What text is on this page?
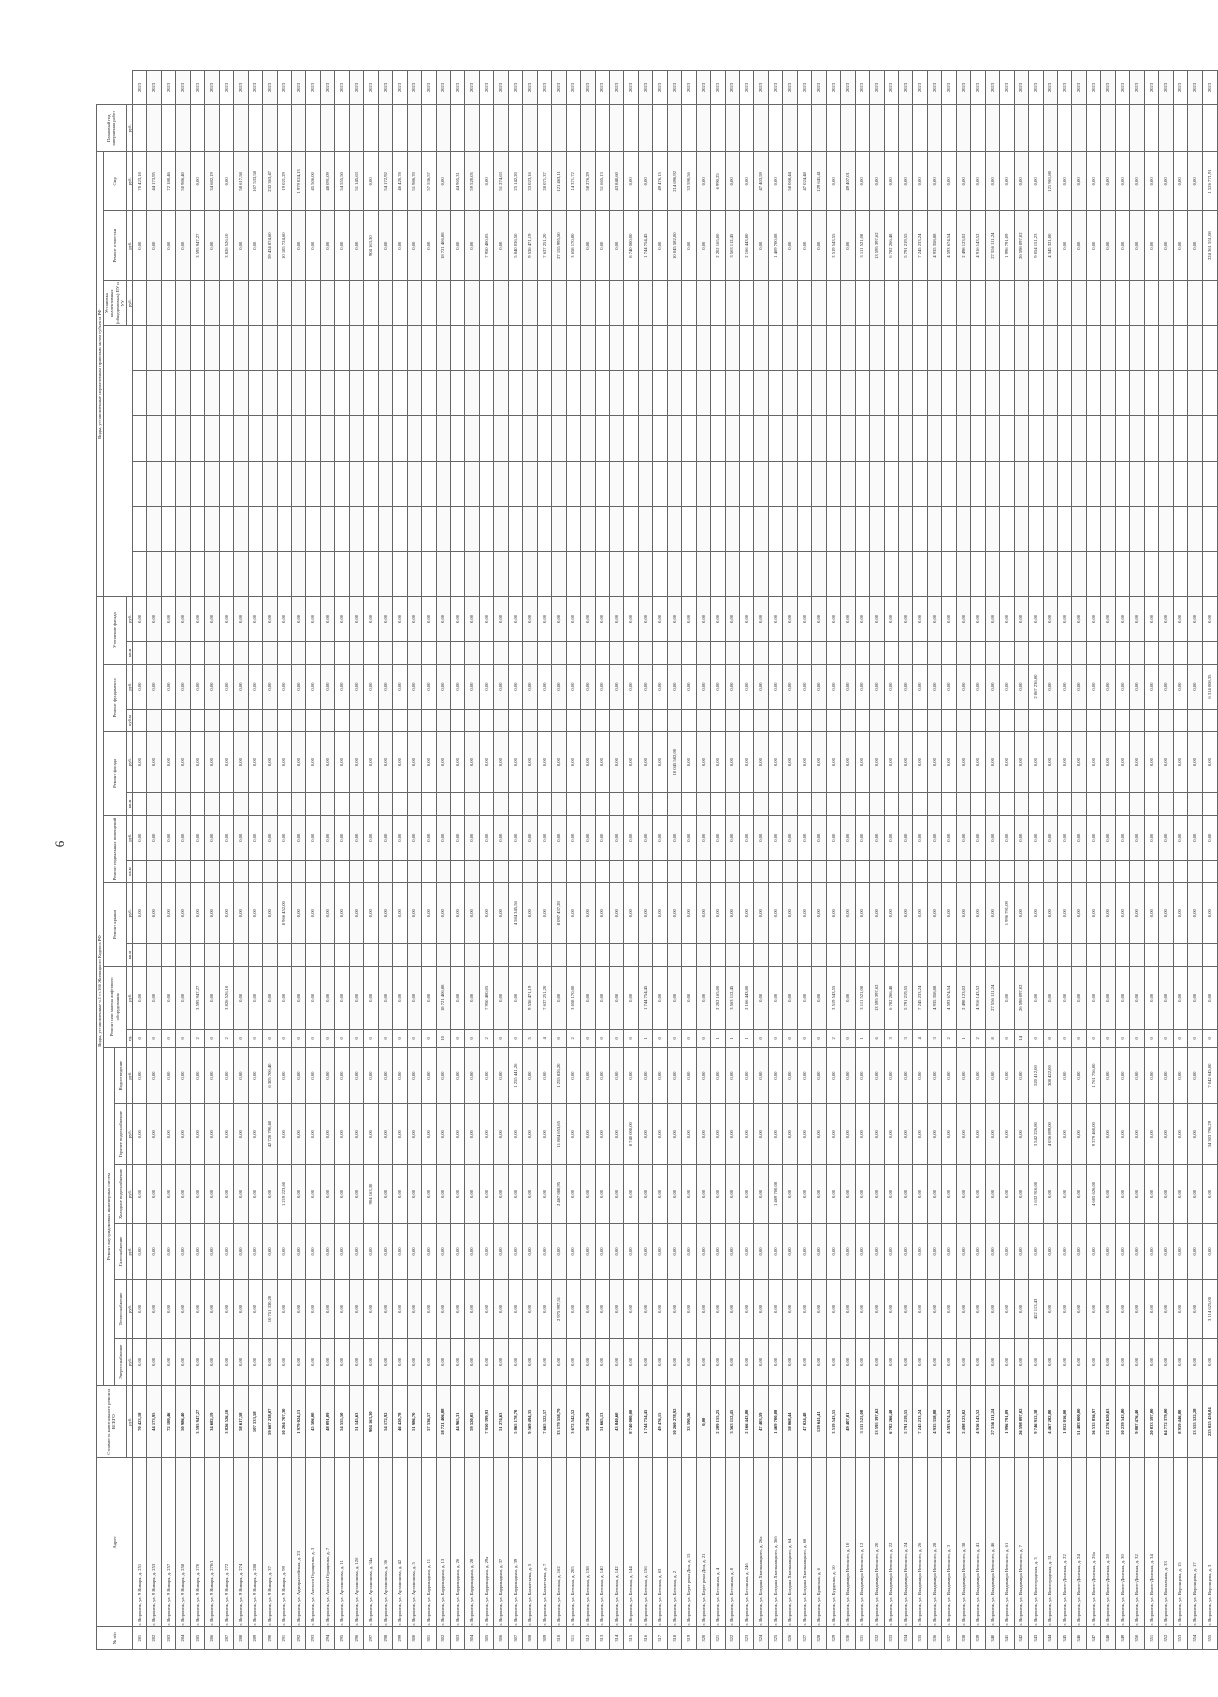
6
№ п/п	Адрес	Стоимость капитального ремонта ВСЕГО	Виды, установленные ч.1 ст.166 Жилищного Кодекса РФ																		Виды, установленные нормативным правовым актом субъекта РФ									Плановый год завершения работ	
			Ремонт внутридомовых инженерных систем						Ремонт или замена лифтового оборудования		Ремонт крыши		Ремонт подвальных помещений		Ремонт фасада		Ремонт фундамента		Утепление фасада								Установка коллективных (общедомовых) ПУ и УУ	Ремонт отмостки	Смр		
			Энергоснабжение	Теплоснабжение	Газоснабжение	Холодное водоснабжение	Горячее водоснабжение	Водоотведение																							
		руб.	руб.	руб.	руб.	руб.	руб.	руб.	ед.	руб.	кв.м	руб.	кв.м	руб.	кв.м	руб.	куб.м	руб.	кв.м	руб.							руб.	руб.	руб.	руб.	
281	г. Воронеж, ул. 9 Января, д. 251	70 423,18	0,00	0,00	0,00	0,00	0,00	0,00	0	0,00		0,00		0,00		0,00		0,00		0,00								0,00	70 423,18		2023
282	г. Воронеж, ул. 9 Января, д. 253	44 173,95	0,00	0,00	0,00	0,00	0,00	0,00	0	0,00		0,00		0,00		0,00		0,00		0,00								0,00	44 173,95		2023
283	г. Воронеж, ул. 9 Января, д. 257	72 180,46	0,00	0,00	0,00	0,00	0,00	0,00	0	0,00		0,00		0,00		0,00		0,00		0,00								0,00	72 180,46		2023
284	г. Воронеж, ул. 9 Января, д. 258	50 986,40	0,00	0,00	0,00	0,00	0,00	0,00	0	0,00		0,00		0,00		0,00		0,00		0,00								0,00	50 986,40		2023
285	г. Воронеж, ул. 9 Января, д. 270	3 595 947,27	0,00	0,00	0,00	0,00	0,00	0,00	2	3 595 947,27		0,00		0,00		0,00		0,00		0,00								3 595 947,27	0,00		2023
286	г. Воронеж, ул. 9 Января, д. 270/1	34 682,19	0,00	0,00	0,00	0,00	0,00	0,00	0	0,00		0,00		0,00		0,00		0,00		0,00								0,00	34 682,19		2023
287	г. Воронеж, ул. 9 Января, д. 272	3 826 526,10	0,00	0,00	0,00	0,00	0,00	0,00	2	3 826 526,10		0,00		0,00		0,00		0,00		0,00								3 826 526,10	0,00		2023
288	г. Воронеж, ул. 9 Января, д. 274	58 617,58	0,00	0,00	0,00	0,00	0,00	0,00	0	0,00		0,00		0,00		0,00		0,00		0,00								0,00	58 617,58		2023
289	г. Воронеж, ул. 9 Января, д. 288	107 533,58	0,00	0,00	0,00	0,00	0,00	0,00	0	0,00		0,00		0,00		0,00		0,00		0,00								0,00	107 533,58		2023
290	г. Воронеж, ул. 9 Января, д. 37	59 667 238,07	0,00	10 751 330,20	0,00	0,00	42 720 790,40	6 305 706,40	0	0,00		0,00		0,00		0,00		0,00		0,00								59 434 874,60	232 363,47		2023
291	г. Воронеж, ул. 9 Января, д. 99	10 204 707,30	0,00	0,00	0,00	1 219 223,60	0,00	0,00	0	0,00		8 966 452,00		0,00		0,00		0,00		0,00								10 185 724,60	19 021,29		2023
292	г. Воронеж, ул. Адмиралтейская, д. 23	1 979 024,13	0,00	0,00	0,00	0,00	0,00	0,00	0	0,00		0,00		0,00		0,00		0,00		0,00								0,00	1 979 024,13		2023
293	г. Воронеж, ул. Алексея Геращенко, д. 3	45 506,00	0,00	0,00	0,00	0,00	0,00	0,00	0	0,00		0,00		0,00		0,00		0,00		0,00								0,00	45 506,00		2023
294	г. Воронеж, ул. Алексея Геращенко, д. 7	48 091,09	0,00	0,00	0,00	0,00	0,00	0,00	0	0,00		0,00		0,00		0,00		0,00		0,00								0,00	48 091,09		2023
295	г. Воронеж, ул. Артамонова, д. 11	54 555,50	0,00	0,00	0,00	0,00	0,00	0,00	0	0,00		0,00		0,00		0,00		0,00		0,00								0,00	54 555,50		2023
296	г. Воронеж, ул. Артамонова, д. 12б	51 145,63	0,00	0,00	0,00	0,00	0,00	0,00	0	0,00		0,00		0,00		0,00		0,00		0,00								0,00	51 145,63		2023
297	г. Воронеж, ул. Артамонова, д. 34а	904 163,30	0,00	0,00	0,00	904 163,30	0,00	0,00	0	0,00		0,00		0,00		0,00		0,00		0,00								904 163,30	0,00		2023
298	г. Воронеж, ул. Артамонова, д. 36	54 172,92	0,00	0,00	0,00	0,00	0,00	0,00	0	0,00		0,00		0,00		0,00		0,00		0,00								0,00	54 172,92		2023
299	г. Воронеж, ул. Артамонова, д. 42	46 420,78	0,00	0,00	0,00	0,00	0,00	0,00	0	0,00		0,00		0,00		0,00		0,00		0,00								0,00	46 420,78		2023
300	г. Воронеж, ул. Артамонова, д. 5	51 986,70	0,00	0,00	0,00	0,00	0,00	0,00	0	0,00		0,00		0,00		0,00		0,00		0,00								0,00	51 986,70		2023
301	г. Воронеж, ул. Баррикадная, д. 11	57 536,57	0,00	0,00	0,00	0,00	0,00	0,00	0	0,00		0,00		0,00		0,00		0,00		0,00								0,00	57 536,57		2023
302	г. Воронеж, ул. Баррикадная, д. 13	18 721 406,88	0,00	0,00	0,00	0,00	0,00	0,00	10	18 721 406,88		0,00		0,00		0,00		0,00		0,00								18 721 406,88	0,00		2023
303	г. Воронеж, ул. Баррикадная, д. 26	44 965,31	0,00	0,00	0,00	0,00	0,00	0,00	0	0,00		0,00		0,00		0,00		0,00		0,00								0,00	44 965,31		2023
304	г. Воронеж, ул. Баррикадная, д. 28	59 520,05	0,00	0,00	0,00	0,00	0,00	0,00	0	0,00		0,00		0,00		0,00		0,00		0,00								0,00	59 520,05		2023
305	г. Воронеж, ул. Баррикадная, д. 29а	7 950 399,93	0,00	0,00	0,00	0,00	0,00	0,00	2	7 950 400,05		0,00		0,00		0,00		0,00		0,00								7 950 400,05	0,00		2023
306	г. Воронеж, ул. Баррикадная, д. 37	51 274,63	0,00	0,00	0,00	0,00	0,00	0,00	0	0,00		0,00		0,00		0,00		0,00		0,00								0,00	51 274,63		2023
307	г. Воронеж, ул. Баррикадная, д. 39	5 865 178,70	0,00	0,00	0,00	0,00	0,00	1 255 441,26	0	0,00		4 584 345,56		0,00		0,00		0,00		0,00								5 840 036,50	25 142,20		2023
308	г. Воронеж, ул. Бахметьева, д. 5	9 569 494,35	0,00	0,00	0,00	0,00	0,00	0,00	5	9 536 471,19		0,00		0,00		0,00		0,00		0,00								9 536 471,19	33 023,16		2023
309	г. Воронеж, ул. Бахметьева, д. 7	7 665 322,57	0,00	0,00	0,00	0,00	0,00	0,00	4	7 637 251,20		0,00		0,00		0,00		0,00		0,00								7 637 251,20	28 071,37		2023
310	г. Воронеж, ул. Беговая, д. 162	33 179 558,79	0,00	2 975 997,51	0,00	2 467 080,95	11 884 653,65	1 255 826,20	0	0,00		8 097 437,20		0,00		0,00		0,00		0,00								27 155 995,50	121 463,11		2023
311	г. Воронеж, ул. Беговая, д. 205	3 672 542,52	0,00	0,00	0,00	0,00	0,00	0,00	2	3 658 170,80		0,00		0,00		0,00		0,00		0,00								3 658 170,80	14 371,72		2023
312	г. Воронеж, ул. Беговая, д. 138	58 276,29	0,00	0,00	0,00	0,00	0,00	0,00	0	0,00		0,00		0,00		0,00		0,00		0,00								0,00	58 276,29		2023
313	г. Воронеж, ул. Беговая, д. 140	51 665,13	0,00	0,00	0,00	0,00	0,00	0,00	0	0,00		0,00		0,00		0,00		0,00		0,00								0,00	51 665,13		2023
314	г. Воронеж, ул. Беговая, д. 142	43 840,60	0,00	0,00	0,00	0,00	0,00	0,00	0	0,00		0,00		0,00		0,00		0,00		0,00								0,00	43 840,60		2023
315	г. Воронеж, ул. Беговая, д. 144	8 740 000,00	0,00	0,00	0,00	0,00	8 740 000,00	0,00	0	0,00		0,00		0,00		0,00		0,00		0,00								8 740 000,00	0,00		2023
316	г. Воронеж, ул. Беговая, д. 156	1 744 754,45	0,00	0,00	0,00	0,00	0,00	0,00	1	1 744 754,45		0,00		0,00		0,00		0,00		0,00								1 744 754,45	0,00		2023
317	г. Воронеж, ул. Беговая, д. 63	49 476,15	0,00	0,00	0,00	0,00	0,00	0,00	0	0,00		0,00		0,00		0,00		0,00		0,00								0,00	49 476,15		2023
318	г. Воронеж, ул. Беговая, д. 2	10 260 278,92	0,00	0,00	0,00	0,00	0,00	0,00	0	0,00		0,00		0,00		10 045 582,00		0,00		0,00								10 045 582,00	214 696,92		2023
319	г. Воронеж, ул. Берег реки Дон, д. 15	33 590,56	0,00	0,00	0,00	0,00	0,00	0,00	0	0,00		0,00		0,00		0,00		0,00		0,00								0,00	33 590,56		2023
320	г. Воронеж, ул. Берег реки Дон, д. 21	0,00	0,00	0,00	0,00	0,00	0,00	0,00	0	0,00		0,00		0,00		0,00		0,00		0,00								0,00	0,00		2023
321	г. Воронеж, ул. Бетонная, д. 4	2 209 155,25	0,00	0,00	0,00	0,00	0,00	0,00	1	2 202 165,00		0,00		0,00		0,00		0,00		0,00								2 202 165,00	6 990,25		2023
322	г. Воронеж, ул. Бетонная, д. 8	3 563 112,45	0,00	0,00	0,00	0,00	0,00	0,00	1	3 563 112,45		0,00		0,00		0,00		0,00		0,00								3 563 112,45	0,00		2023
323	г. Воронеж, ул. Бетонная, д. 24б	2 166 443,80	0,00	0,00	0,00	0,00	0,00	0,00	1	2 166 443,80		0,00		0,00		0,00		0,00		0,00								2 166 443,80	0,00		2023
324	г. Воронеж, ул. Богдана Хмельницкого, д. 26а	47 403,59	0,00	0,00	0,00	0,00	0,00	0,00	0	0,00		0,00		0,00		0,00		0,00		0,00								0,00	47 403,59		2023
325	г. Воронеж, ул. Богдана Хмельницкого, д. 36б	1 469 700,08	0,00	0,00	0,00	1 469 700,08	0,00	0,00	0	0,00		0,00		0,00		0,00		0,00		0,00								1 469 700,08	0,00		2023
326	г. Воронеж, ул. Богдана Хмельницкого, д. 64	58 068,44	0,00	0,00	0,00	0,00	0,00	0,00	0	0,00		0,00		0,00		0,00		0,00		0,00								0,00	58 068,44		2023
327	г. Воронеж, ул. Богдана Хмельницкого, д. 68	47 024,48	0,00	0,00	0,00	0,00	0,00	0,00	0	0,00		0,00		0,00		0,00		0,00		0,00								0,00	47 024,48		2023
328	г. Воронеж, ул. Брянская, д. 6	129 641,41	0,00	0,00	0,00	0,00	0,00	0,00	0	0,00		0,00		0,00		0,00		0,00		0,00								0,00	129 641,41		2023
329	г. Воронеж, ул. Бурденко, д. 10	3 519 543,55	0,00	0,00	0,00	0,00	0,00	0,00	2	3 519 543,55		0,00		0,00		0,00		0,00		0,00								3 519 543,55	0,00		2023
330	г. Воронеж, ул. Владимира Невского, д. 10	49 407,01	0,00	0,00	0,00	0,00	0,00	0,00	0	0,00		0,00		0,00		0,00		0,00		0,00								0,00	49 407,01		2023
331	г. Воронеж, ул. Владимира Невского, д. 12	3 111 521,08	0,00	0,00	0,00	0,00	0,00	0,00	1	3 111 521,08		0,00		0,00		0,00		0,00		0,00								3 111 521,08	0,00		2023
332	г. Воронеж, ул. Владимира Невского, д. 20	13 595 397,62	0,00	0,00	0,00	0,00	0,00	0,00	6	13 595 397,62		0,00		0,00		0,00		0,00		0,00								13 595 397,62	0,00		2023
333	г. Воронеж, ул. Владимира Невского, д. 22	6 782 266,48	0,00	0,00	0,00	0,00	0,00	0,00	3	6 782 266,48		0,00		0,00		0,00		0,00		0,00								6 782 266,48	0,00		2023
334	г. Воронеж, ул. Владимира Невского, д. 24	5 791 219,55	0,00	0,00	0,00	0,00	0,00	0,00	3	5 791 219,55		0,00		0,00		0,00		0,00		0,00								5 791 219,55	0,00		2023
335	г. Воронеж, ул. Владимира Невского, д. 26	7 245 233,24	0,00	0,00	0,00	0,00	0,00	0,00	4	7 245 233,24		0,00		0,00		0,00		0,00		0,00								7 245 233,24	0,00		2023
336	г. Воронеж, ул. Владимира Невского, д. 28	4 935 358,88	0,00	0,00	0,00	0,00	0,00	0,00	3	4 935 358,88		0,00		0,00		0,00		0,00		0,00								4 935 358,88	0,00		2023
337	г. Воронеж, ул. Владимира Невского, д. 3	4 593 674,54	0,00	0,00	0,00	0,00	0,00	0,00	2	4 593 674,54		0,00		0,00		0,00		0,00		0,00								4 593 674,54	0,00		2023
338	г. Воронеж, ул. Владимира Невского, д. 38	2 498 123,02	0,00	0,00	0,00	0,00	0,00	0,00	1	2 498 123,02		0,00		0,00		0,00		0,00		0,00								2 498 123,02	0,00		2023
339	г. Воронеж, ул. Владимира Невского, д. 41	4 916 143,52	0,00	0,00	0,00	0,00	0,00	0,00	2	4 916 143,52		0,00		0,00		0,00		0,00		0,00								4 916 143,52	0,00		2023
340	г. Воронеж, ул. Владимира Невского, д. 46	27 556 111,24	0,00	0,00	0,00	0,00	0,00	0,00	8	27 556 111,24		0,00		0,00		0,00		0,00		0,00								27 556 111,24	0,00		2023
341	г. Воронеж, ул. Владимира Невского, д. 61	1 996 791,09	0,00	0,00	0,00	0,00	0,00	0,00	0	0,00		1 996 791,09		0,00		0,00		0,00		0,00								1 996 791,09	0,00		2023
342	г. Воронеж, ул. Владимира Невского, д. 7	26 598 097,02	0,00	0,00	0,00	0,00	0,00	0,00	14	26 598 097,02		0,00		0,00		0,00		0,00		0,00								26 598 097,02	0,00		2023
343	г. Воронеж, ул. Волгоградская, д. 3	9 746 912,38	0,00	452 113,43	0,00	1 632 916,00	3 542 226,80	520 412,00	0	0,00		0,00		0,00		0,00		2 867 236,00		0,00								9 054 151,23	0,00		2023
344	г. Воронеж, ул. Волгоградская, д. 31	4 467 282,80	0,00	0,00	0,00	0,00	4 036 899,00	308 422,00	0	0,00		0,00		0,00		0,00		0,00		0,00								4 345 321,00	121 961,80		2023
345	г. Воронеж, ул. Волго-Донская, д. 22	1 052 016,00	0,00	0,00	0,00	0,00	0,00	0,00	0	0,00		0,00		0,00		0,00		0,00		0,00								0,00	0,00		2023
346	г. Воронеж, ул. Волго-Донская, д. 24	51 483 000,00	0,00	0,00	0,00	0,00	0,00	0,00	0	0,00		0,00		0,00		0,00		0,00		0,00								0,00	0,00		2023
347	г. Воронеж, ул. Волго-Донская, д. 26а	16 535 836,97	0,00	0,00	0,00	4 605 626,00	9 379 460,00	1 761 756,00	0	0,00		0,00		0,00		0,00		0,00		0,00								0,00	0,00		2023
348	г. Воронеж, ул. Волго-Донская, д. 28	12 276 620,63	0,00	0,00	0,00	0,00	0,00	0,00	0	0,00		0,00		0,00		0,00		0,00		0,00								0,00	0,00		2023
349	г. Воронеж, ул. Волго-Донская, д. 30	10 239 543,80	0,00	0,00	0,00	0,00	0,00	0,00	0	0,00		0,00		0,00		0,00		0,00		0,00								0,00	0,00		2023
350	г. Воронеж, ул. Волго-Донская, д. 32	9 807 476,40	0,00	0,00	0,00	0,00	0,00	0,00	0	0,00		0,00		0,00		0,00		0,00		0,00								0,00	0,00		2023
351	г. Воронеж, ул. Волго-Донская, д. 34	20 033 597,00	0,00	0,00	0,00	0,00	0,00	0,00	0	0,00		0,00		0,00		0,00		0,00		0,00								0,00	0,00		2023
352	г. Воронеж, ул. Вокзальная, д. 33	64 772 379,00	0,00	0,00	0,00	0,00	0,00	0,00	0	0,00		0,00		0,00		0,00		0,00		0,00								0,00	0,00		2023
353	г. Воронеж, ул. Воронцова, д. 15	8 959 446,80	0,00	0,00	0,00	0,00	0,00	0,00	0	0,00		0,00		0,00		0,00		0,00		0,00								0,00	0,00		2023
354	г. Воронеж, ул. Воронцова, д. 17	13 555 522,28	0,00	0,00	0,00	0,00	0,00	0,00	0	0,00		0,00		0,00		0,00		0,00		0,00								0,00	0,00		2023
355	г. Воронеж, ул. Воронцова, д. 3	225 025 450,84	0,00	3 114 625,00	0,00	0,00	34 303 796,29	7 042 645,00	0	0,00		0,00		0,00		0,00		6 314 008,35		0,00								224 361 551,08	1 526 771,91		2023
